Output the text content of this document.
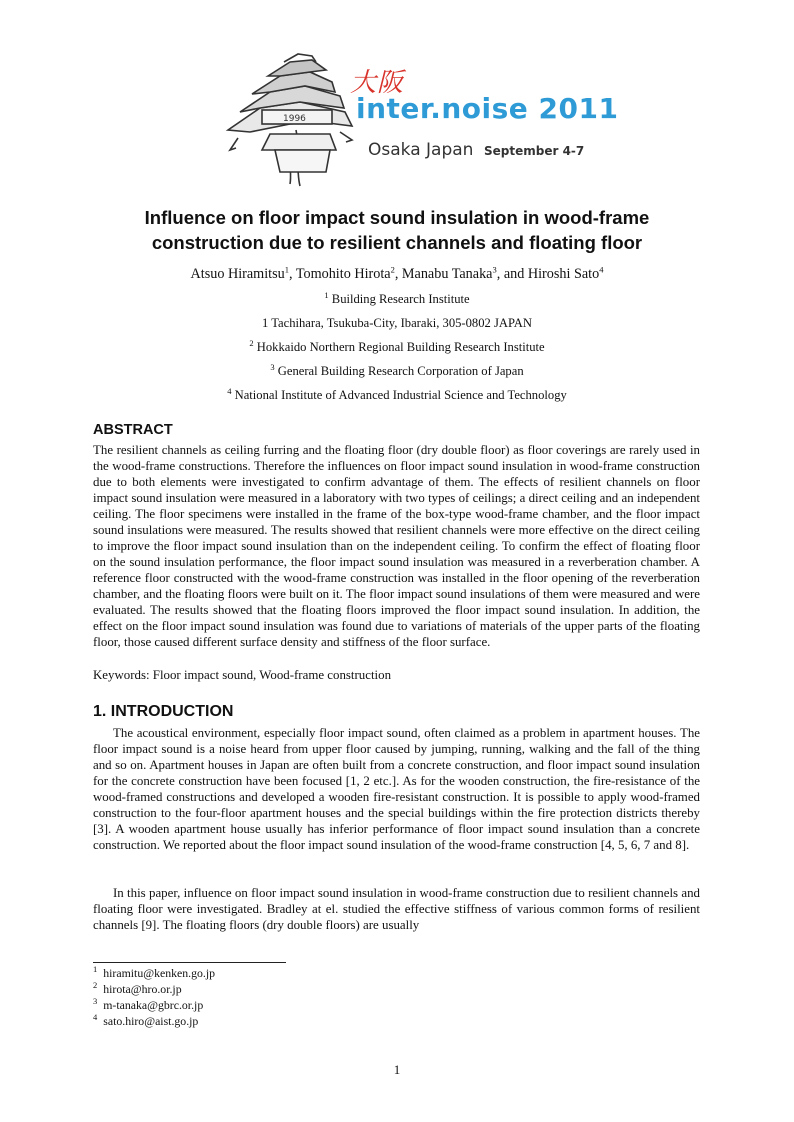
1996
大阪
inter.noise 2011
Osaka Japan September 4-7
Influence on floor impact sound insulation in wood-frame
construction due to resilient channels and floating floor
Atsuo Hiramitsu$^1$, Tomohito Hirota$^2$, Manabu Tanaka$^3$, and Hiroshi Sato$^4$
$^1$ Building Research Institute
1 Tachihara, Tsukuba-City, Ibaraki, 305-0802 JAPAN
$^2$ Hokkaido Northern Regional Building Research Institute
$^3$ General Building Research Corporation of Japan
$^4$ National Institute of Advanced Industrial Science and Technology
ABSTRACT

The resilient channels as ceiling furring and the floating floor (dry double floor) as floor coverings are rarely used in the wood-frame constructions. Therefore the influences on floor impact sound insulation in wood-frame construction due to both elements were investigated to confirm advantage of them. The effects of resilient channels on floor impact sound insulation were measured in a laboratory with two types of ceilings; a direct ceiling and an independent ceiling. The floor specimens were installed in the frame of the box-type wood-frame chamber, and the floor impact sound insulations were measured. The results showed that resilient channels were more effective on the direct ceiling to improve the floor impact sound insulation than on the independent ceiling. To confirm the effect of floating floor on the sound insulation performance, the floor impact sound insulation was measured in a reverberation chamber. A reference floor constructed with the wood-frame construction was installed in the floor opening of the reverberation chamber, and the floating floors were built on it. The floor impact sound insulations of them were measured and were evaluated. The results showed that the floating floors improved the floor impact sound insulation. In addition, the effect on the floor impact sound insulation was found due to variations of materials of the upper parts of the floating floor, those caused different surface density and stiffness of the floor surface.

Keywords: Floor impact sound, Wood-frame construction
1. INTRODUCTION

The acoustical environment, especially floor impact sound, often claimed as a problem in apartment houses. The floor impact sound is a noise heard from upper floor caused by jumping, running, walking and the fall of the thing and so on. Apartment houses in Japan are often built from a concrete construction, and floor impact sound insulation for the concrete construction have been focused [1, 2 etc.]. As for the wooden construction, the fire-resistance of the wood-framed constructions and developed a wooden fire-resistant construction. It is possible to apply wood-framed construction to the four-floor apartment houses and the special buildings within the fire protection districts thereby [3]. A wooden apartment house usually has inferior performance of floor impact sound insulation than a concrete construction. We reported about the floor impact sound insulation of the wood-frame construction [4, 5, 6, 7 and 8].

In this paper, influence on floor impact sound insulation in wood-frame construction due to resilient channels and floating floor were investigated. Bradley at el. studied the effective stiffness of various common forms of resilient channels [9]. The floating floors (dry double floors) are usually

$^1$ hiramitu@kenken.go.jp
$^2$ hirota@hro.or.jp
$^3$ m-tanaka@gbrc.or.jp
$^4$ sato.hiro@aist.go.jp
1
